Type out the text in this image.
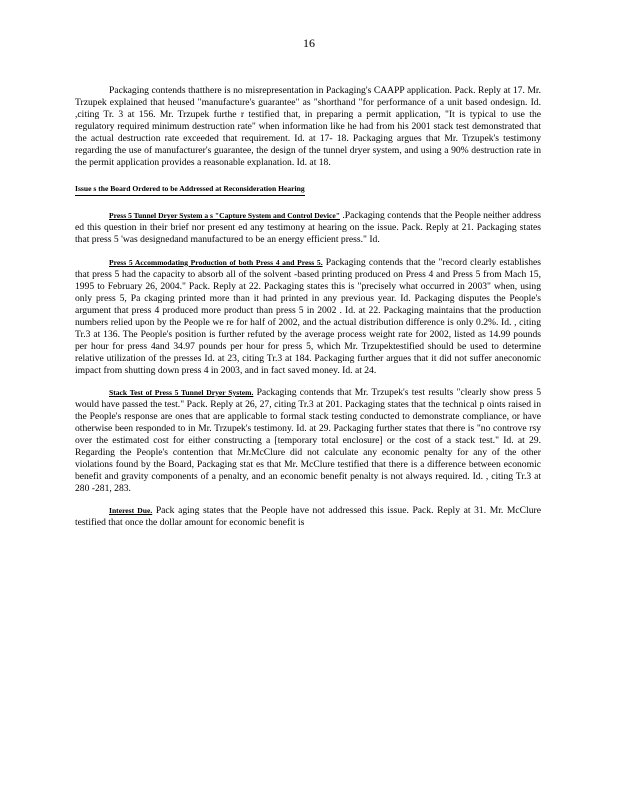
16

Packaging contends thatthere is no misrepresentation in Packaging's CAAPP application. Pack. Reply at 17. Mr. Trzupek explained that heused "manufacture's guarantee" as "shorthand "for performance of a unit based ondesign. Id. ,citing Tr. 3 at 156. Mr. Trzupek furthe r testified that, in preparing a permit application, "It is typical to use the regulatory required minimum destruction rate" when information like he had from his 2001 stack test demonstrated that the actual destruction rate exceeded that requirement. Id. at 17- 18. Packaging argues that Mr. Trzupek's testimony regarding the use of manufacturer's guarantee, the design of the tunnel dryer system, and using a 90% destruction rate in the permit application provides a reasonable explanation. Id. at 18.

Issue s the Board Ordered to be Addressed at Reconsideration Hearing

Press 5 Tunnel Dryer System a s "Capture System and Control Device" .Packaging contends that the People neither address ed this question in their brief nor present ed any testimony at hearing on the issue. Pack. Reply at 21. Packaging states that press 5 'was designedand manufactured to be an energy efficient press." Id.

Press 5 Accommodating Production of both Press 4 and Press 5. Packaging contends that the "record clearly establishes that press 5 had the capacity to absorb all of the solvent -based printing produced on Press 4 and Press 5 from Mach 15, 1995 to February 26, 2004." Pack. Reply at 22. Packaging states this is "precisely what occurred in 2003" when, using only press 5, Pa ckaging printed more than it had printed in any previous year. Id. Packaging disputes the People's argument that press 4 produced more product than press 5 in 2002 . Id. at 22. Packaging maintains that the production numbers relied upon by the People we re for half of 2002, and the actual distribution difference is only 0.2%. Id. , citing Tr.3 at 136. The People's position is further refuted by the average process weight rate for 2002, listed as 14.99 pounds per hour for press 4and 34.97 pounds per hour for press 5, which Mr. Trzupektestified should be used to determine relative utilization of the presses Id. at 23, citing Tr.3 at 184. Packaging further argues that it did not suffer aneconomic impact from shutting down press 4 in 2003, and in fact saved money. Id. at 24.

Stack Test of Press 5 Tunnel Dryer System. Packaging contends that Mr. Trzupek's test results "clearly show press 5 would have passed the test." Pack. Reply at 26, 27, citing Tr.3 at 201. Packaging states that the technical p oints raised in the People's response are ones that are applicable to formal stack testing conducted to demonstrate compliance, or have otherwise been responded to in Mr. Trzupek's testimony. Id. at 29. Packaging further states that there is "no controve rsy over the estimated cost for either constructing a [temporary total enclosure] or the cost of a stack test." Id. at 29. Regarding the People's contention that Mr.McClure did not calculate any economic penalty for any of the other violations found by the Board, Packaging stat es that Mr. McClure testified that there is a difference between economic benefit and gravity components of a penalty, and an economic benefit penalty is not always required. Id. , citing Tr.3 at 280 -281, 283.

Interest Due. Pack aging states that the People have not addressed this issue. Pack. Reply at 31. Mr. McClure testified that once the dollar amount for economic benefit is
